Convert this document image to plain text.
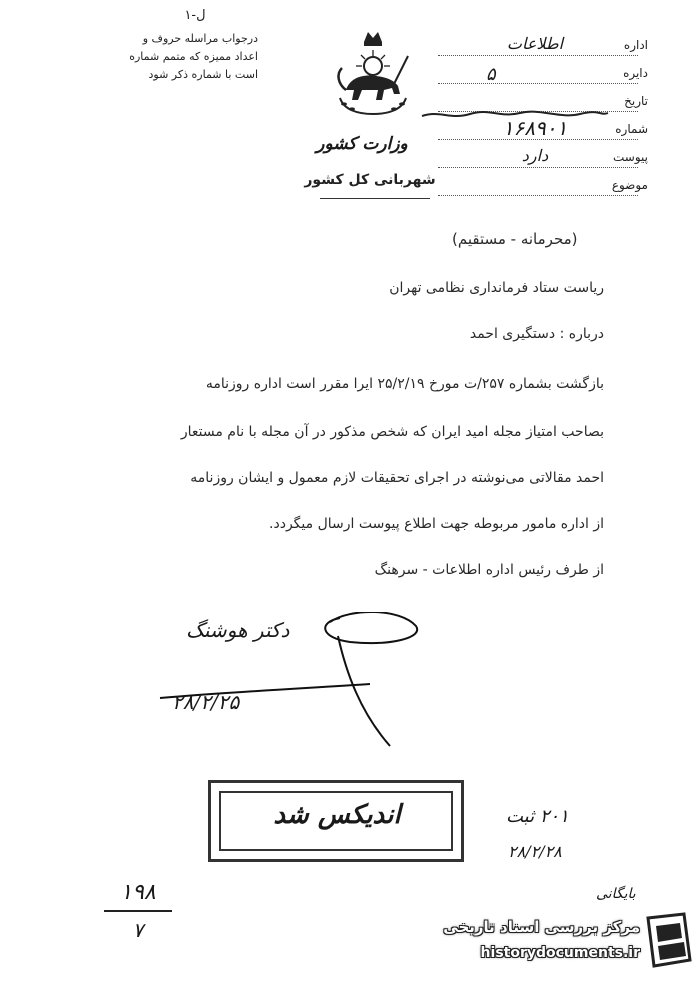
ل-١
درجواب مراسله حروف و
اعداد ممیزه که متمم شماره
است با شماره ذکر شود
وزارت کشور
شهربانی کل کشور
اداره
اطلاعات
دایره
تاریخ
شماره
۱۶۸۹۰۱
پیوست
دارد
موضوع
۵
(محرمانه - مستقیم)
ریاست ستاد فرمانداری نظامی تهران
درباره : دستگیری احمد
بازگشت بشماره ۲۵۷/ت مورخ ۲۵/۲/۱۹ ایرا مقرر است اداره روزنامه
بصاحب امتیاز مجله امید ایران که شخص مذکور در آن مجله با نام مستعار
احمد مقالاتی می‌نوشته در اجرای تحقیقات لازم معمول و ایشان روزنامه
از اداره مامور مربوطه جهت اطلاع پیوست ارسال میگردد.
از طرف رئیس اداره اطلاعات - سرهنگ
دکتر هوشنگ
۲۸/۲/۲۵
اندیکس شد	۲۰۱ ثبت
۲۸/۲/۲۸
۱۹۸
۷
بایگانی
مرکز بررسی اسناد تاریخی
historydocuments.ir
